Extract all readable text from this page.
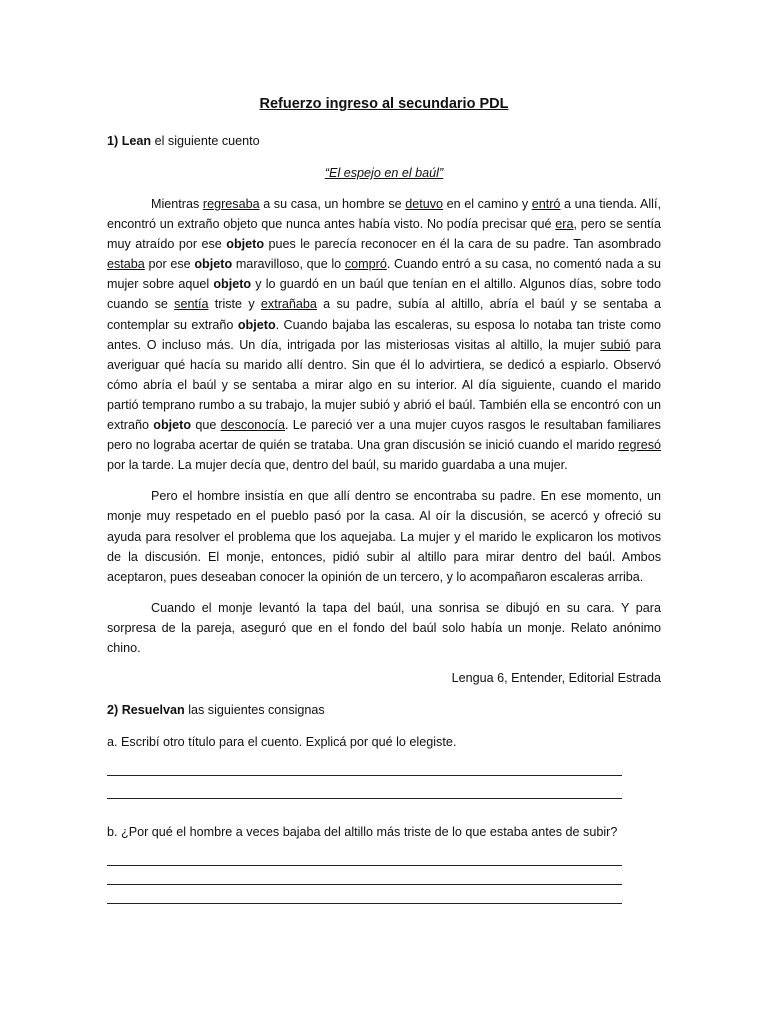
Refuerzo ingreso al secundario PDL
1) Lean el siguiente cuento
“El espejo en el baúl”

Mientras regresaba a su casa, un hombre se detuvo en el camino y entró a una tienda. Allí, encontró un extraño objeto que nunca antes había visto. No podía precisar qué era, pero se sentía muy atraído por ese objeto pues le parecía reconocer en él la cara de su padre. Tan asombrado estaba por ese objeto maravilloso, que lo compró. Cuando entró a su casa, no comentó nada a su mujer sobre aquel objeto y lo guardó en un baúl que tenían en el altillo. Algunos días, sobre todo cuando se sentía triste y extrañaba a su padre, subía al altillo, abría el baúl y se sentaba a contemplar su extraño objeto. Cuando bajaba las escaleras, su esposa lo notaba tan triste como antes. O incluso más. Un día, intrigada por las misteriosas visitas al altillo, la mujer subió para averiguar qué hacía su marido allí dentro. Sin que él lo advirtiera, se dedicó a espiarlo. Observó cómo abría el baúl y se sentaba a mirar algo en su interior. Al día siguiente, cuando el marido partió temprano rumbo a su trabajo, la mujer subió y abrió el baúl. También ella se encontró con un extraño objeto que desconocía. Le pareció ver a una mujer cuyos rasgos le resultaban familiares pero no lograba acertar de quién se trataba. Una gran discusión se inició cuando el marido regresó por la tarde. La mujer decía que, dentro del baúl, su marido guardaba a una mujer.

Pero el hombre insistía en que allí dentro se encontraba su padre. En ese momento, un monje muy respetado en el pueblo pasó por la casa. Al oír la discusión, se acercó y ofreció su ayuda para resolver el problema que los aquejaba. La mujer y el marido le explicaron los motivos de la discusión. El monje, entonces, pidió subir al altillo para mirar dentro del baúl. Ambos aceptaron, pues deseaban conocer la opinión de un tercero, y lo acompañaron escaleras arriba.

Cuando el monje levantó la tapa del baúl, una sonrisa se dibujó en su cara. Y para sorpresa de la pareja, aseguró que en el fondo del baúl solo había un monje. Relato anónimo chino.

Lengua 6, Entender, Editorial Estrada
2) Resuelvan las siguientes consignas
a. Escribí otro título para el cuento. Explicá por qué lo elegiste.
b. ¿Por qué el hombre a veces bajaba del altillo más triste de lo que estaba antes de subir?
